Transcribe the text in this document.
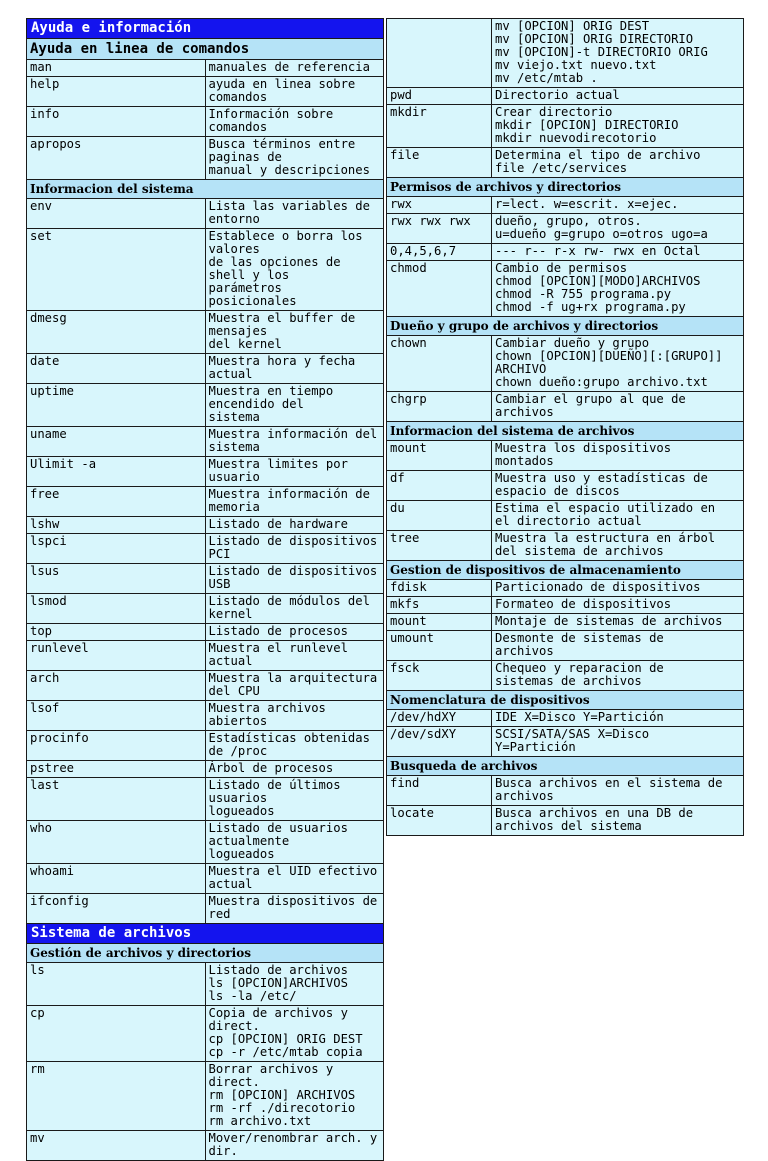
Ayuda e información	
Ayuda en linea de comandos	
man	manuales de referencia
help	ayuda en linea sobre comandos
info	Información sobre comandos
apropos	Busca términos entre paginas de
manual y descripciones
Informacion del sistema	
env	Lista las variables de entorno
set	Establece o borra los valores
de las opciones de shell y los
parámetros
posicionales
dmesg	Muestra el buffer de mensajes
del kernel
date	Muestra hora y fecha actual
uptime	Muestra en tiempo encendido del
sistema
uname	Muestra información del sistema
Ulimit -a	Muestra limites por usuario
free	Muestra información de memoria
lshw	Listado de hardware
lspci	Listado de dispositivos PCI
lsus	Listado de dispositivos USB
lsmod	Listado de módulos del kernel
top	Listado de procesos
runlevel	Muestra el runlevel actual
arch	Muestra la arquitectura del CPU
lsof	Muestra archivos abiertos
procinfo	Estadísticas obtenidas de /proc
pstree	Árbol de procesos
last	Listado de últimos usuarios
logueados
who	Listado de usuarios actualmente
logueados
whoami	Muestra el UID efectivo actual
ifconfig	Muestra dispositivos de red
Sistema de archivos	
Gestión de archivos y directorios	
ls	Listado de archivos
ls [OPCION]ARCHIVOS
ls -la /etc/
cp	Copia de archivos y direct.
cp [OPCION] ORIG DEST
cp -r /etc/mtab copia
rm	Borrar archivos y direct.
rm [OPCION] ARCHIVOS
rm -rf ./direcotorio
rm archivo.txt
mv	Mover/renombrar arch. y dir.
	mv [OPCION] ORIG DEST
mv [OPCION] ORIG DIRECTORIO
mv [OPCION]-t DIRECTORIO ORIG
mv viejo.txt nuevo.txt
mv /etc/mtab .
pwd	Directorio actual
mkdir	Crear directorio
mkdir [OPCION] DIRECTORIO
mkdir nuevodirecotorio
file	Determina el tipo de archivo
file /etc/services
Permisos de archivos y directorios	
rwx	r=lect. w=escrit. x=ejec.
rwx rwx rwx	dueño, grupo, otros.
u=dueño g=grupo o=otros ugo=a
0,4,5,6,7	--- r-- r-x rw- rwx en Octal
chmod	Cambio de permisos
chmod [OPCION][MODO]ARCHIVOS
chmod -R 755 programa.py
chmod -f ug+rx programa.py
Dueño y grupo de archivos y directorios	
chown	Cambiar dueño y grupo
chown [OPCION][DUEÑO][:[GRUPO]]
ARCHIVO
chown dueño:grupo archivo.txt
chgrp	Cambiar el grupo al que de
archivos
Informacion del sistema de archivos	
mount	Muestra los dispositivos
montados
df	Muestra uso y estadísticas de
espacio de discos
du	Estima el espacio utilizado en
el directorio actual
tree	Muestra la estructura en árbol
del sistema de archivos
Gestion de dispositivos de almacenamiento	
fdisk	Particionado de dispositivos
mkfs	Formateo de dispositivos
mount	Montaje de sistemas de archivos
umount	Desmonte de sistemas de
archivos
fsck	Chequeo y reparacion de
sistemas de archivos
Nomenclatura de dispositivos	
/dev/hdXY	IDE X=Disco Y=Partición
/dev/sdXY	SCSI/SATA/SAS X=Disco
Y=Partición
Busqueda de archivos	
find	Busca archivos en el sistema de
archivos
locate	Busca archivos en una DB de
archivos del sistema
